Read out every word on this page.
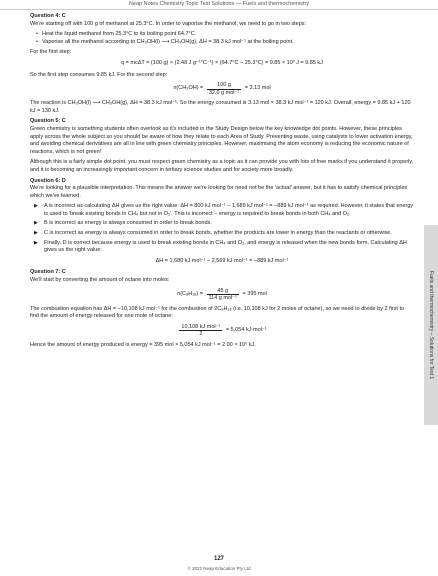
Neap Notes Chemistry Topic Test Solutions — Fuels and thermochemistry

Question 4: C

We're starting off with 100 g of methanol at 25.3°C. In order to vaporise the methanol, we need to go in two steps:

• Heat the liquid methanol from 25.3°C to its boiling point 64.7°C.
• Vaporise all the methanol according to CH₃OH(l) ⟶ CH₃OH(g), ΔH = 38.3 kJ mol⁻¹ at the boiling point.

For the first step:

q = mcΔT = (100 g) × (2.48 J g⁻¹°C⁻¹) × (64.7°C − 25.3°C) = 9.85 × 10³ J = 9.85 kJ

So the first step consumes 9.85 kJ. For the second step:

$n(CH_3OH) = \frac{100 g}{\text{32.0 g mol⁻¹}} = 3.13$ mol

The reaction is CH₃OH(l) ⟶ CH₃OH(g), ΔH = 38.3 kJ mol⁻¹. So the energy consumed is 3.13 mol × 38.3 kJ mol⁻¹ = 120 kJ. Overall, energy = 9.85 kJ + 120 kJ = 130 kJ.

Question 5: C

Green chemistry is something students often overlook as it's included in the Study Design below the key knowledge dot points. However, these principles apply across the whole subject so you should be aware of how they relate to each Area of Study. Preventing waste, using catalysts to lower activation energy, and avoiding chemical derivatives are all in line with green chemistry principles. However, maximising the atom economy is reducing the economic nature of reactions, which is not green!

Although this is a fairly simple dot point, you must respect green chemistry as a topic as it can provide you with lots of free marks if you understand it properly, and it is becoming an increasingly important concern in tertiary science studies and for society more broadly.

Question 6: D

We're looking for a plausible interpretation. This means the answer we're looking for need not be the 'actual' answer, but it has to satisfy chemical principles which we've learned.

▶ A is incorrect as calculating ΔH gives us the right value: ΔH = 800 kJ mol⁻¹ − 1,689 kJ mol⁻¹ = −889 kJ mol⁻¹ as required. However, it states that energy is used to 'break existing bonds in CH₄ but not in O₂'. This is incorrect – energy is required to break bonds in both CH₄ and O₂.
▶ B is incorrect as energy is always consumed in order to break bonds.
▶ C is incorrect as energy is always consumed in order to break bonds, whether the products are lower in energy than the reactants or otherwise.
▶ Finally, D is correct because energy is used to break existing bonds in CH₄ and O₂, and energy is released when the new bonds form. Calculating ΔH gives us the right value:
ΔH = 1,680 kJ mol⁻¹ − 2,569 kJ mol⁻¹ = −889 kJ mol⁻¹

Question 7: C

We'll start by converting the amount of octane into moles:

$n(C_8H_{18}) = \frac{45 g}{\text{114 g mol⁻¹}} = 395$ mol

The combustion equation has ΔH = −10,108 kJ mol⁻¹ for the combustion of 2C₈H₁₈ (i.e. 10,108 kJ for 2 moles of octane), so we need to divide by 2 first to find the amount of energy released for one mole of octane:

$\frac{\text{10,108 kJ mol⁻¹}}{2} = 5,054$ kJ mol⁻¹

Hence the amount of energy produced is energy = 395 mol × 5,054 kJ mol⁻¹ = 2.00 × 10⁶ kJ.	Fuels and thermochemistry – Solutions for Test 1
127
© 2022 Neap Education Pty Ltd
